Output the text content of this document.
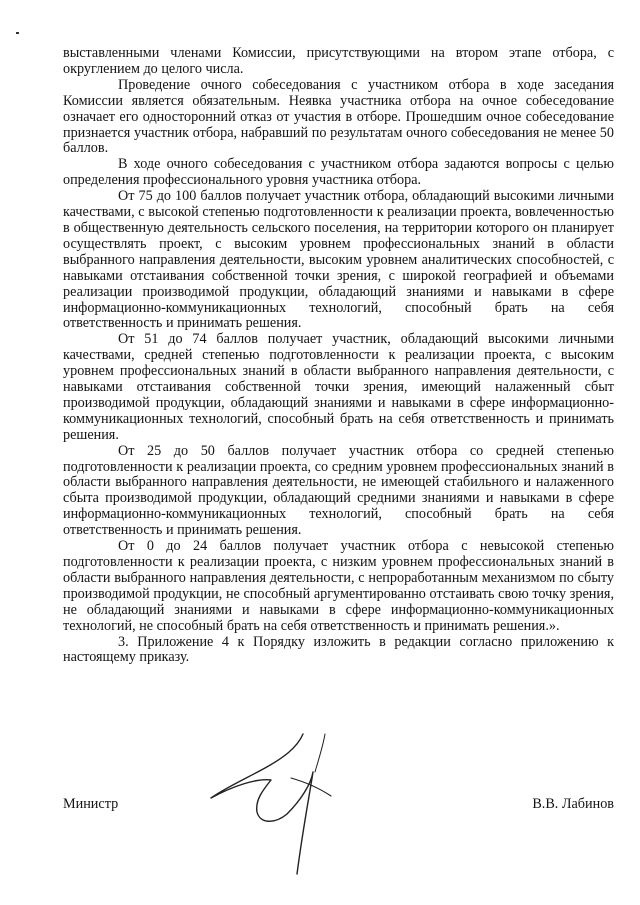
выставленными членами Комиссии, присутствующими на втором этапе отбора, с округлением до целого числа.

Проведение очного собеседования с участником отбора в ходе заседания Комиссии является обязательным. Неявка участника отбора на очное собеседование означает его односторонний отказ от участия в отборе. Прошедшим очное собеседование признается участник отбора, набравший по результатам очного собеседования не менее 50 баллов.

В ходе очного собеседования с участником отбора задаются вопросы с целью определения профессионального уровня участника отбора.

От 75 до 100 баллов получает участник отбора, обладающий высокими личными качествами, с высокой степенью подготовленности к реализации проекта, вовлеченностью в общественную деятельность сельского поселения, на территории которого он планирует осуществлять проект, с высоким уровнем профессиональных знаний в области выбранного направления деятельности, высоким уровнем аналитических способностей, с навыками отстаивания собственной точки зрения, с широкой географией и объемами реализации производимой продукции, обладающий знаниями и навыками в сфере информационно-коммуникационных технологий, способный брать на себя ответственность и принимать решения.

От 51 до 74 баллов получает участник, обладающий высокими личными качествами, средней степенью подготовленности к реализации проекта, с высоким уровнем профессиональных знаний в области выбранного направления деятельности, с навыками отстаивания собственной точки зрения, имеющий налаженный сбыт производимой продукции, обладающий знаниями и навыками в сфере информационно-коммуникационных технологий, способный брать на себя ответственность и принимать решения.

От 25 до 50 баллов получает участник отбора со средней степенью подготовленности к реализации проекта, со средним уровнем профессиональных знаний в области выбранного направления деятельности, не имеющей стабильного и налаженного сбыта производимой продукции, обладающий средними знаниями и навыками в сфере информационно-коммуникационных технологий, способный брать на себя ответственность и принимать решения.

От 0 до 24 баллов получает участник отбора с невысокой степенью подготовленности к реализации проекта, с низким уровнем профессиональных знаний в области выбранного направления деятельности, с непроработанным механизмом по сбыту производимой продукции, не способный аргументированно отстаивать свою точку зрения, не обладающий знаниями и навыками в сфере информационно-коммуникационных технологий, не способный брать на себя ответственность и принимать решения.».

3. Приложение 4 к Порядку изложить в редакции согласно приложению к настоящему приказу.

Министр	В.В. Лабинов
